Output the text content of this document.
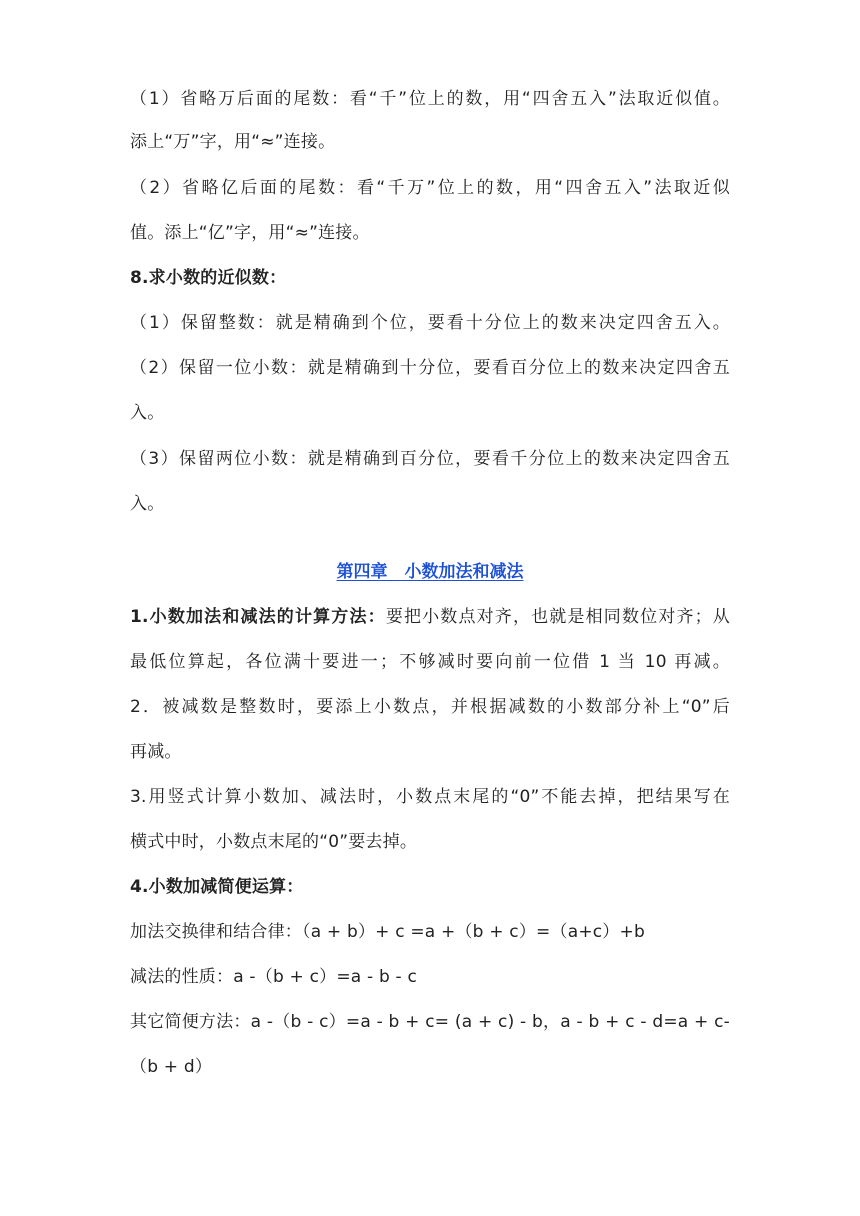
（1）省略万后面的尾数：看“千”位上的数，用“四舍五入”法取近似值。
添上“万”字，用“≈”连接。
（2）省略亿后面的尾数：看“千万”位上的数，用“四舍五入”法取近似
值。添上“亿”字，用“≈”连接。
8.求小数的近似数：
（1）保留整数：就是精确到个位，要看十分位上的数来决定四舍五入。
（2）保留一位小数：就是精确到十分位，要看百分位上的数来决定四舍五
入。
（3）保留两位小数：就是精确到百分位，要看千分位上的数来决定四舍五
入。
第四章　小数加法和减法
1.小数加法和减法的计算方法：要把小数点对齐，也就是相同数位对齐；从
最低位算起，各位满十要进一；不够减时要向前一位借 1 当 10 再减。
2．被减数是整数时，要添上小数点，并根据减数的小数部分补上“0”后
再减。
3.用竖式计算小数加、减法时，小数点末尾的“0”不能去掉，把结果写在
横式中时，小数点末尾的“0”要去掉。
4.小数加减简便运算：
加法交换律和结合律：（a + b）+ c =a +（b + c）=（a+c）+b
减法的性质：a -（b + c）=a - b - c
其它简便方法：a -（b - c）=a - b + c= (a + c) - b，a - b + c - d=a + c-
（b + d）
